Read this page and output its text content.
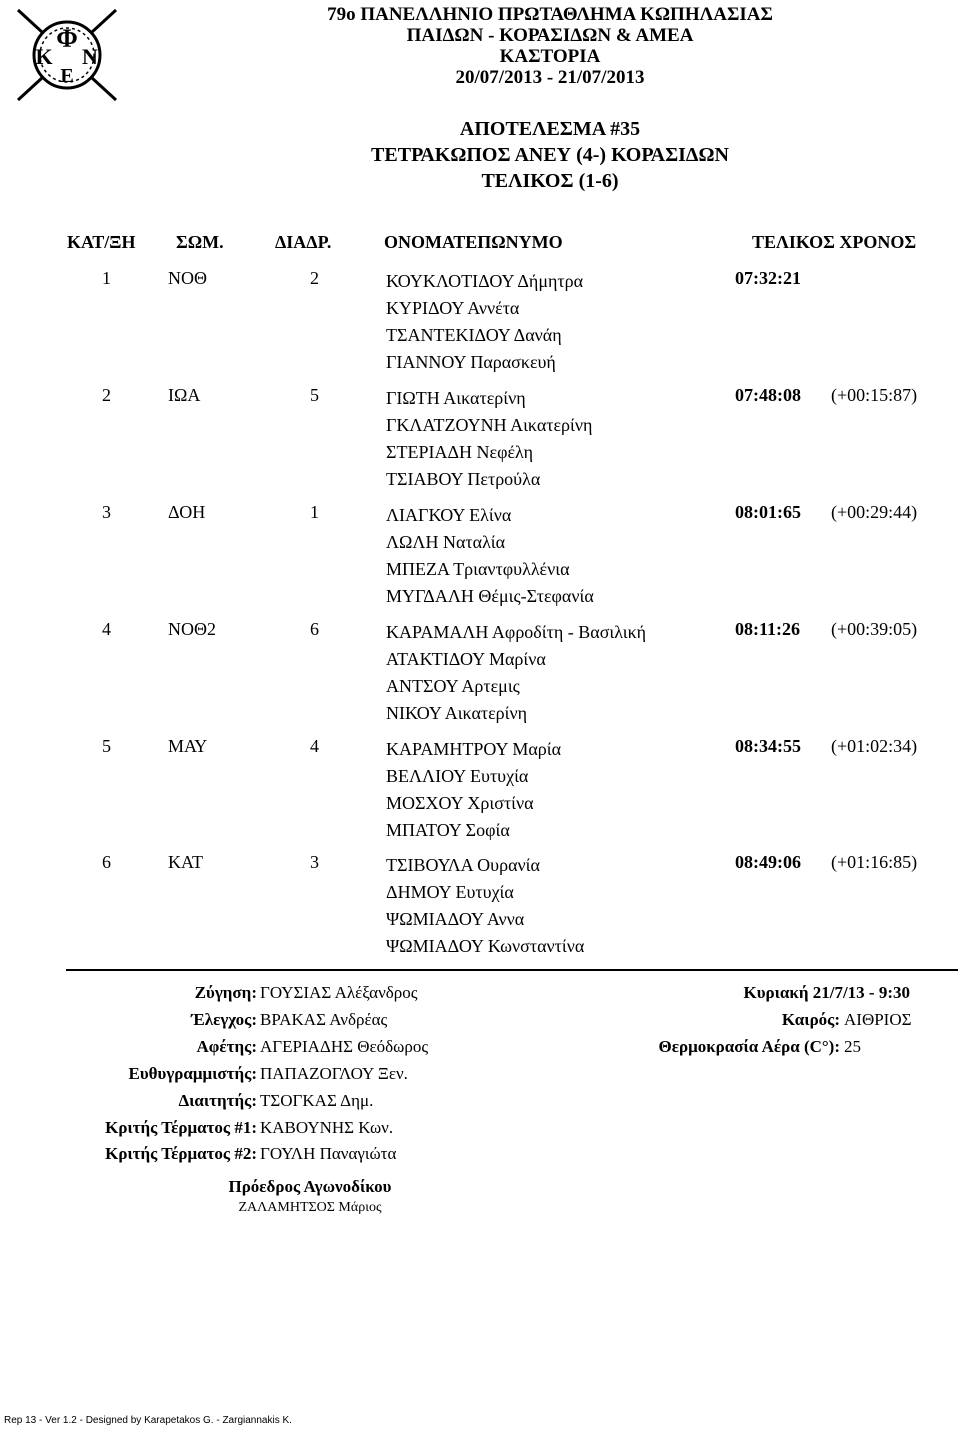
Κ
Φ
Ν
Ε
79ο ΠΑΝΕΛΛΗΝΙΟ ΠΡΩΤΑΘΛΗΜΑ ΚΩΠΗΛΑΣΙΑΣ
ΠΑΙΔΩΝ - ΚΟΡΑΣΙΔΩΝ & ΑΜΕΑ
ΚΑΣΤΟΡΙΑ
20/07/2013 - 21/07/2013
ΑΠΟΤΕΛΕΣΜΑ #35
ΤΕΤΡΑΚΩΠΟΣ ΑΝΕΥ (4-) ΚΟΡΑΣΙΔΩΝ
ΤΕΛΙΚΟΣ (1-6)
ΚΑΤ/ΞΗ ΣΩΜ.	ΔΙΑΔΡ.	ΟΝΟΜΑΤΕΠΩΝΥΜΟ	ΤΕΛΙΚΟΣ ΧΡΟΝΟΣ
1	ΝΟΘ	2	ΚΟΥΚΛΟΤΙΔΟΥ Δήμητρα
ΚΥΡΙΔΟΥ Αννέτα
ΤΣΑΝΤΕΚΙΔΟΥ Δανάη
ΓΙΑΝΝΟΥ Παρασκευή
07:32:21
2	ΙΩΑ	5	ΓΙΩΤΗ Αικατερίνη
ΓΚΛΑΤΖΟΥΝΗ Αικατερίνη
ΣΤΕΡΙΑΔΗ Νεφέλη
ΤΣΙΑΒΟΥ Πετρούλα
07:48:08 (+00:15:87)
3	ΔΟΗ	1	ΛΙΑΓΚΟΥ Ελίνα
ΛΩΛΗ Ναταλία
ΜΠΕΖΑ Τριαντφυλλένια
ΜΥΓΔΑΛΗ Θέμις-Στεφανία
08:01:65 (+00:29:44)
4	ΝΟΘ2	6	ΚΑΡΑΜΑΛΗ Αφροδίτη - Βασιλική
ΑΤΑΚΤΙΔΟΥ Μαρίνα
ΑΝΤΣΟΥ Αρτεμις
ΝΙΚΟΥ Αικατερίνη
08:11:26 (+00:39:05)
5	ΜΑΥ	4	ΚΑΡΑΜΗΤΡΟΥ Μαρία
ΒΕΛΛΙΟΥ Ευτυχία
ΜΟΣΧΟΥ Χριστίνα
ΜΠΑΤΟΥ Σοφία
08:34:55 (+01:02:34)
6	ΚΑΤ	3	ΤΣΙΒΟΥΛΑ Ουρανία
ΔΗΜΟΥ Ευτυχία
ΨΩΜΙΑΔΟΥ Αννα
ΨΩΜΙΑΔΟΥ Κωνσταντίνα
08:49:06 (+01:16:85)
Ζύγηση: ΓΟΥΣΙΑΣ Αλέξανδρος
Έλεγχος: ΒΡΑΚΑΣ Ανδρέας
Αφέτης: ΑΓΕΡΙΑΔΗΣ Θεόδωρος
Ευθυγραμμιστής: ΠΑΠΑΖΟΓΛΟΥ Ξεν.
Διαιτητής: ΤΣΟΓΚΑΣ Δημ.
Κριτής Τέρματος #1: ΚΑΒΟΥΝΗΣ Κων.
Κριτής Τέρματος #2: ΓΟΥΛΗ Παναγιώτα
Κυριακή 21/7/13 - 9:30
Καιρός: ΑΙΘΡΙΟΣ
Θερμοκρασία Αέρα (C°): 25
Πρόεδρος Αγωνοδίκου
ΖΑΛΑΜΗΤΣΟΣ Μάριος
Rep 13 - Ver 1.2 - Designed by Karapetakos G. - Zargiannakis K.
